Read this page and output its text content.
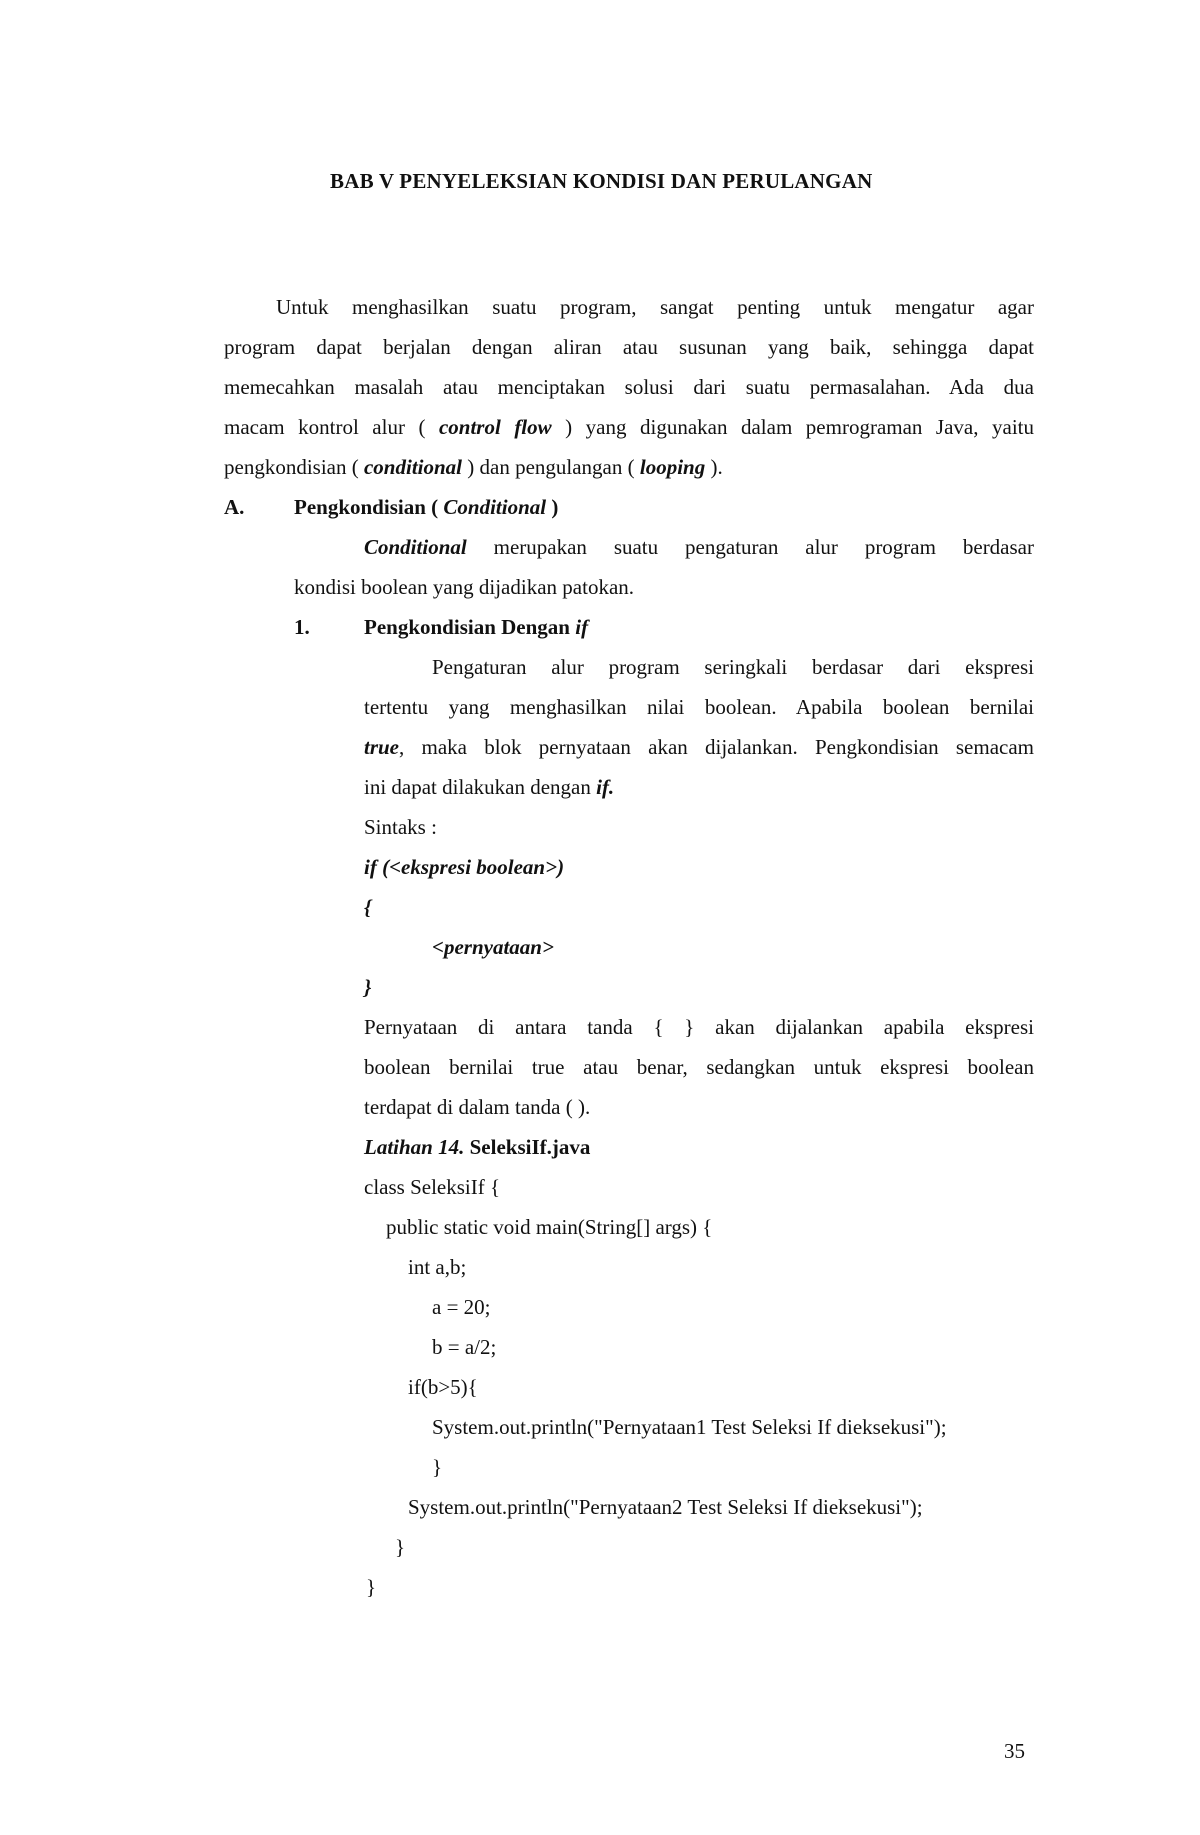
BAB V PENYELEKSIAN KONDISI DAN PERULANGAN
Untuk menghasilkan suatu program, sangat penting untuk mengatur agar
program dapat berjalan dengan aliran atau susunan yang baik, sehingga dapat
memecahkan masalah atau menciptakan solusi dari suatu permasalahan. Ada dua
macam kontrol alur ( control flow ) yang digunakan dalam pemrograman Java, yaitu
pengkondisian ( conditional ) dan pengulangan ( looping ).
A. Pengkondisian ( Conditional )
Conditional merupakan suatu pengaturan alur program berdasar
kondisi boolean yang dijadikan patokan.
1.	Pengkondisian Dengan if
Pengaturan alur program seringkali berdasar dari ekspresi
tertentu yang menghasilkan nilai boolean. Apabila boolean bernilai
true, maka blok pernyataan akan dijalankan. Pengkondisian semacam
ini dapat dilakukan dengan if.
Sintaks :
if (<ekspresi boolean>)
{
<pernyataan>
}
Pernyataan di antara tanda { } akan dijalankan apabila ekspresi
boolean bernilai true atau benar, sedangkan untuk ekspresi boolean
terdapat di dalam tanda ( ).
Latihan 14. SeleksiIf.java
class SeleksiIf {
public static void main(String[] args) {
int a,b;
a = 20;
b = a/2;
if(b>5){
System.out.println("Pernyataan1 Test Seleksi If dieksekusi");
}
System.out.println("Pernyataan2 Test Seleksi If dieksekusi");
}
}
35
